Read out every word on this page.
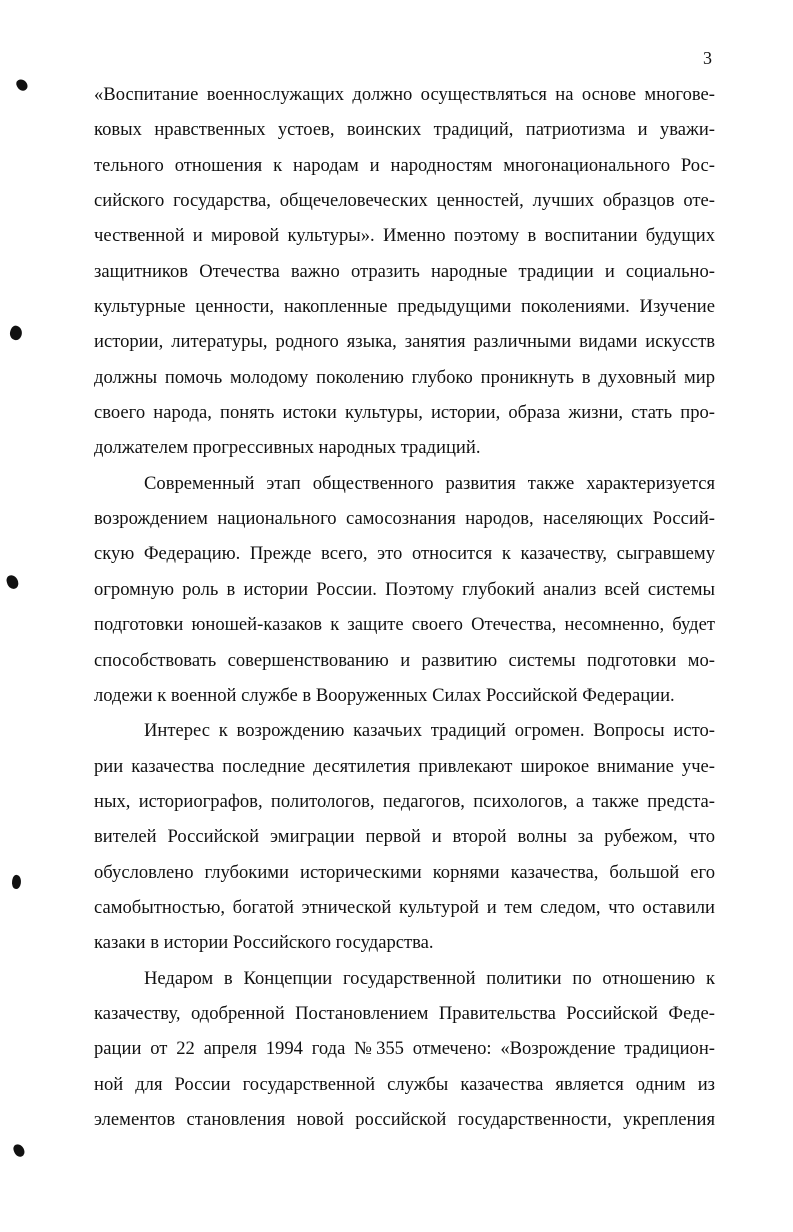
3
«Воспитание военнослужащих должно осуществляться на основе многове-
ковых нравственных устоев, воинских традиций, патриотизма и уважи-
тельного отношения к народам и народностям многонационального Рос-
сийского государства, общечеловеческих ценностей, лучших образцов оте-
чественной и мировой культуры». Именно поэтому в воспитании будущих
защитников Отечества важно отразить народные традиции и социально-
культурные ценности, накопленные предыдущими поколениями. Изучение
истории, литературы, родного языка, занятия различными видами искусств
должны помочь молодому поколению глубоко проникнуть в духовный мир
своего народа, понять истоки культуры, истории, образа жизни, стать про-
должателем прогрессивных народных традиций.
Современный этап общественного развития также характеризуется
возрождением национального самосознания народов, населяющих Россий-
скую Федерацию. Прежде всего, это относится к казачеству, сыгравшему
огромную роль в истории России. Поэтому глубокий анализ всей системы
подготовки юношей-казаков к защите своего Отечества, несомненно, будет
способствовать совершенствованию и развитию системы подготовки мо-
лодежи к военной службе в Вооруженных Силах Российской Федерации.
Интерес к возрождению казачьих традиций огромен. Вопросы исто-
рии казачества последние десятилетия привлекают широкое внимание уче-
ных, историографов, политологов, педагогов, психологов, а также предста-
вителей Российской эмиграции первой и второй волны за рубежом, что
обусловлено глубокими историческими корнями казачества, большой его
самобытностью, богатой этнической культурой и тем следом, что оставили
казаки в истории Российского государства.
Недаром в Концепции государственной политики по отношению к
казачеству, одобренной Постановлением Правительства Российской Феде-
рации от 22 апреля 1994 года №355 отмечено: «Возрождение традицион-
ной для России государственной службы казачества является одним из
элементов становления новой российской государственности, укрепления
